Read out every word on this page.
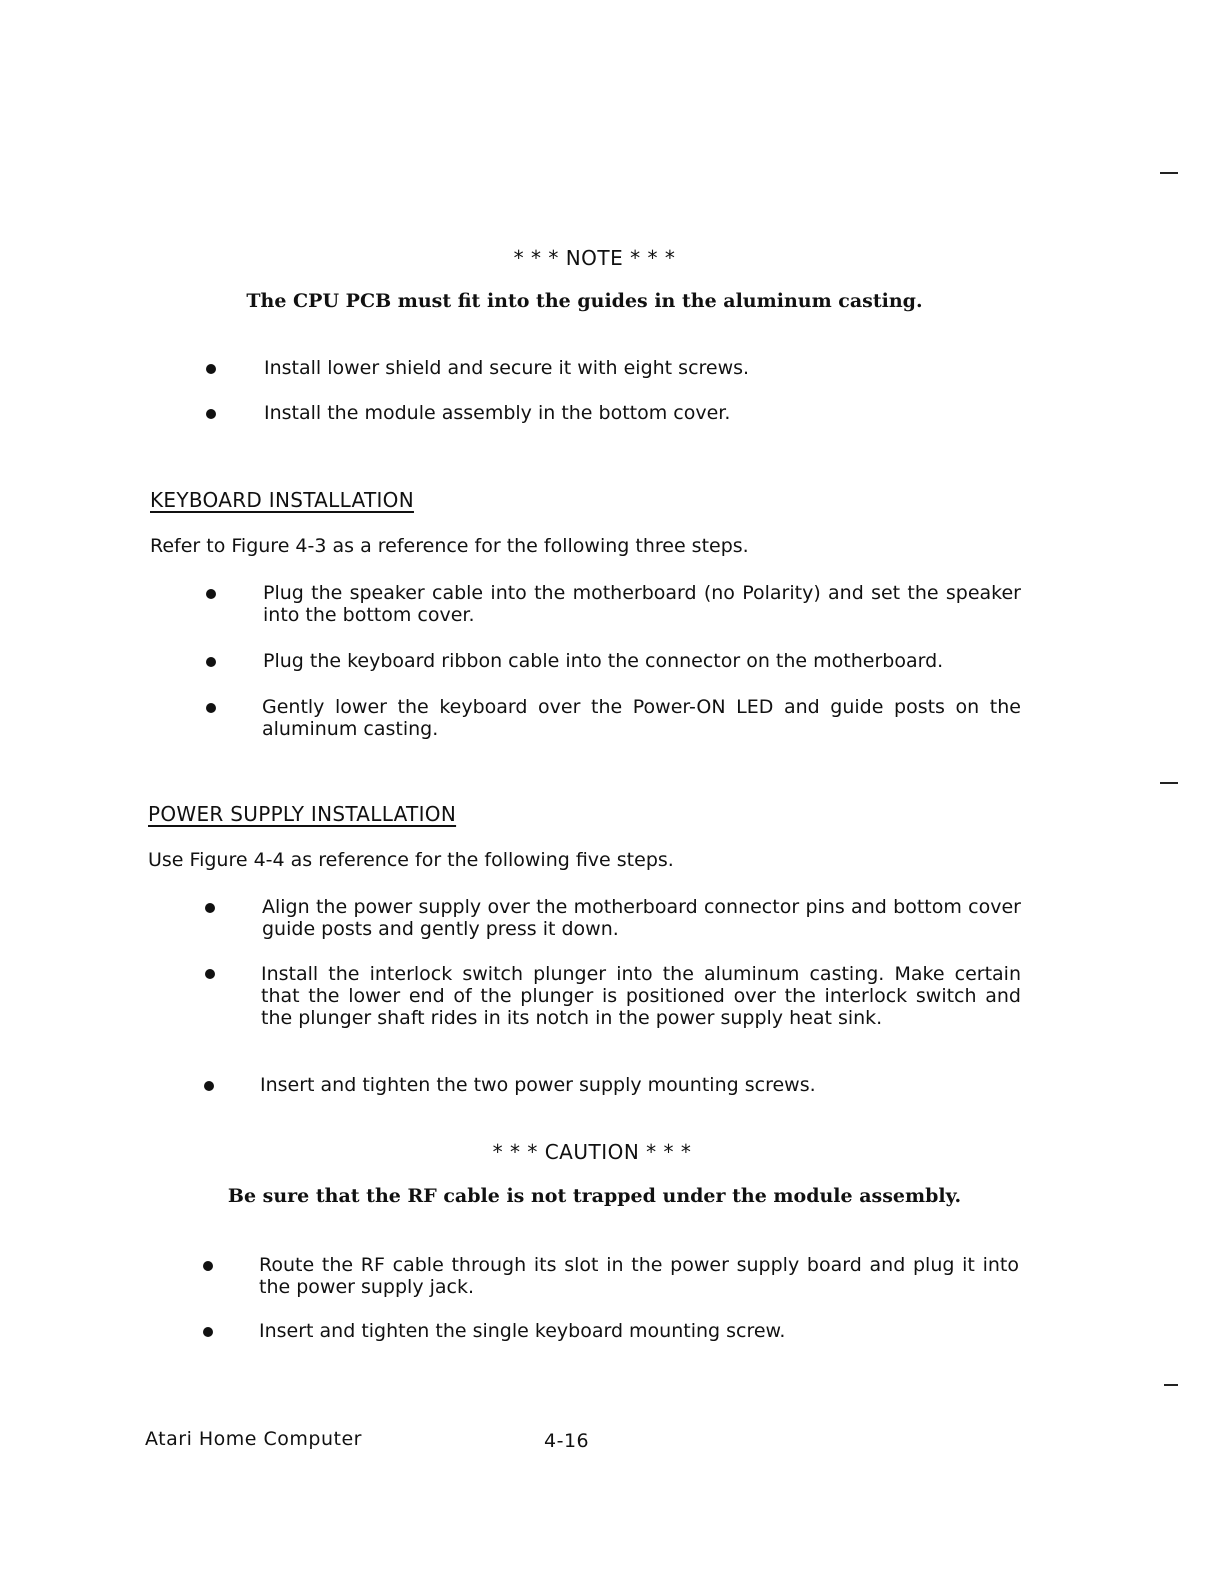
* * * NOTE * * *
The CPU PCB must fit into the guides in the aluminum casting.
Install lower shield and secure it with eight screws.
Install the module assembly in the bottom cover.
KEYBOARD INSTALLATION
Refer to Figure 4-3 as a reference for the following three steps.
Plug the speaker cable into the motherboard (no Polarity) and set the speaker into the bottom cover.
Plug the keyboard ribbon cable into the connector on the motherboard.
Gently lower the keyboard over the Power-ON LED and guide posts on the aluminum casting.
POWER SUPPLY INSTALLATION
Use Figure 4-4 as reference for the following five steps.
Align the power supply over the motherboard connector pins and bottom cover guide posts and gently press it down.
Install the interlock switch plunger into the aluminum casting. Make certain that the lower end of the plunger is positioned over the interlock switch and the plunger shaft rides in its notch in the power supply heat sink.
Insert and tighten the two power supply mounting screws.
* * * CAUTION * * *
Be sure that the RF cable is not trapped under the module assembly.
Route the RF cable through its slot in the power supply board and plug it into the power supply jack.
Insert and tighten the single keyboard mounting screw.
Atari Home Computer	4-16
